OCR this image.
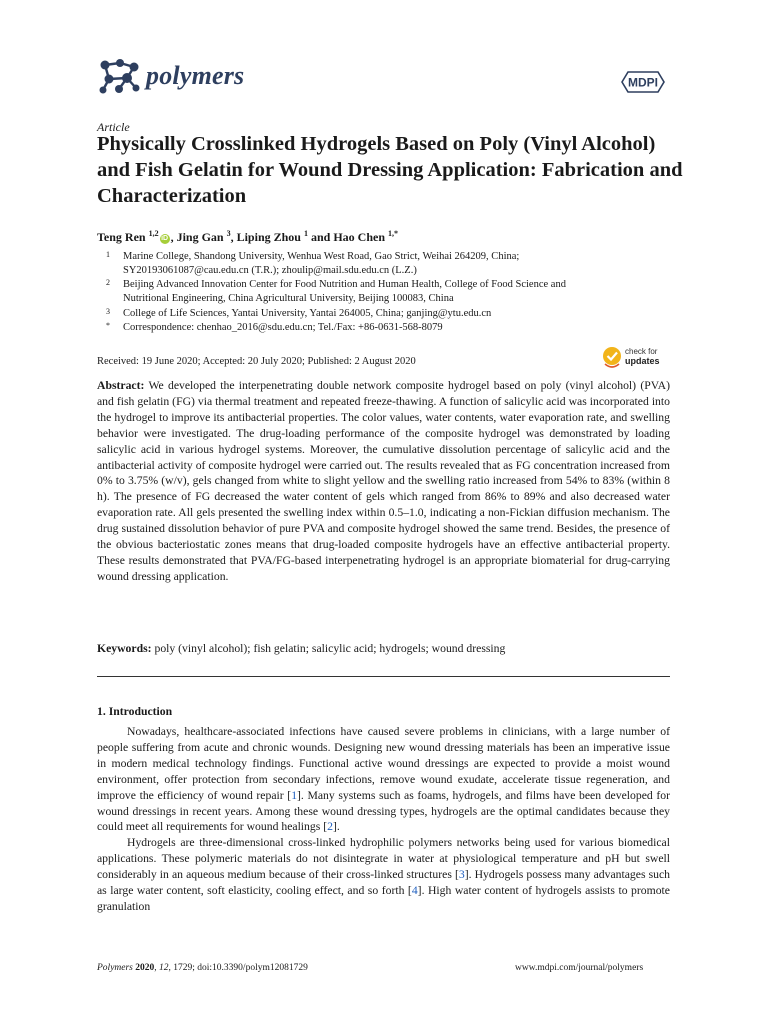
polymers	MDPI
Article
Physically Crosslinked Hydrogels Based on Poly (Vinyl Alcohol) and Fish Gelatin for Wound Dressing Application: Fabrication and Characterization
Teng Ren $^{1,2}$iD , Jing Gan $^3$, Liping Zhou $^1$ and Hao Chen $^{1,*}$
1 Marine College, Shandong University, Wenhua West Road, Gao Strict, Weihai 264209, China;
SY20193061087@cau.edu.cn (T.R.); zhoulip@mail.sdu.edu.cn (L.Z.)
2 Beijing Advanced Innovation Center for Food Nutrition and Human Health, College of Food Science and
Nutritional Engineering, China Agricultural University, Beijing 100083, China
3 College of Life Sciences, Yantai University, Yantai 264005, China; ganjing@ytu.edu.cn
* Correspondence: chenhao_2016@sdu.edu.cn; Tel./Fax: +86-0631-568-8079
Received: 19 June 2020; Accepted: 20 July 2020; Published: 2 August 2020
check for
updates
Abstract: We developed the interpenetrating double network composite hydrogel based on poly (vinyl alcohol) (PVA) and fish gelatin (FG) via thermal treatment and repeated freeze-thawing. A function of salicylic acid was incorporated into the hydrogel to improve its antibacterial properties. The color values, water contents, water evaporation rate, and swelling behavior were investigated. The drug-loading performance of the composite hydrogel was demonstrated by loading salicylic acid in various hydrogel systems. Moreover, the cumulative dissolution percentage of salicylic acid and the antibacterial activity of composite hydrogel were carried out. The results revealed that as FG concentration increased from 0% to 3.75% (w/v), gels changed from white to slight yellow and the swelling ratio increased from 54% to 83% (within 8 h). The presence of FG decreased the water content of gels which ranged from 86% to 89% and also decreased water evaporation rate. All gels presented the swelling index within 0.5–1.0, indicating a non-Fickian diffusion mechanism. The drug sustained dissolution behavior of pure PVA and composite hydrogel showed the same trend. Besides, the presence of the obvious bacteriostatic zones means that drug-loaded composite hydrogels have an effective antibacterial property. These results demonstrated that PVA/FG-based interpenetrating hydrogel is an appropriate biomaterial for drug-carrying wound dressing application.
Keywords: poly (vinyl alcohol); fish gelatin; salicylic acid; hydrogels; wound dressing
1. Introduction

Nowadays, healthcare-associated infections have caused severe problems in clinicians, with a large number of people suffering from acute and chronic wounds. Designing new wound dressing materials has been an imperative issue in modern medical technology findings. Functional active wound dressings are expected to provide a moist wound environment, offer protection from secondary infections, remove wound exudate, accelerate tissue regeneration, and improve the efficiency of wound repair [1]. Many systems such as foams, hydrogels, and films have been developed for wound dressings in recent years. Among these wound dressing types, hydrogels are the optimal candidates because they could meet all requirements for wound healings [2].

Hydrogels are three-dimensional cross-linked hydrophilic polymers networks being used for various biomedical applications. These polymeric materials do not disintegrate in water at physiological temperature and pH but swell considerably in an aqueous medium because of their cross-linked structures [3]. Hydrogels possess many advantages such as large water content, soft elasticity, cooling effect, and so forth [4]. High water content of hydrogels assists to promote granulation

Polymers 2020, 12, 1729; doi:10.3390/polym12081729	www.mdpi.com/journal/polymers
